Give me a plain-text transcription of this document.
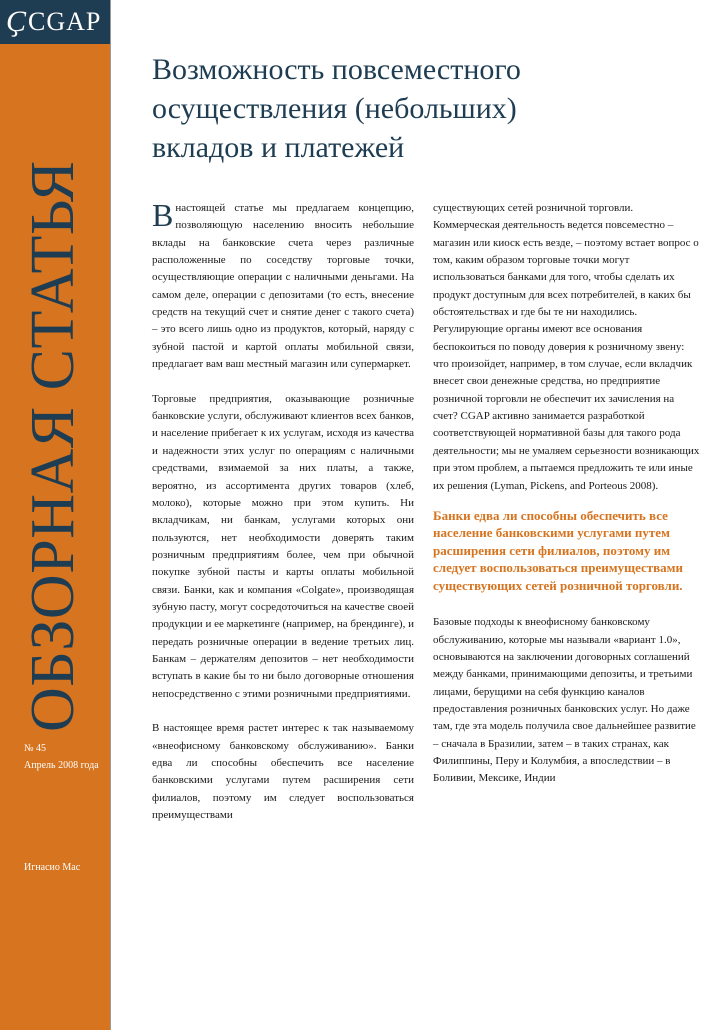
Ҫ CGAP
ОБЗОРНАЯ СТАТЬЯ
№ 45
Апрель 2008 года
Игнасио Мас
Возможность повсеместного
осуществления (небольших)
вкладов и платежей

Внастоящей статье мы предлагаем концепцию, позволяющую населению вносить небольшие вклады на банковские счета через различные расположенные по соседству торговые точки, осуществляющие операции с наличными деньгами. На самом деле, операции с депозитами (то есть, внесение средств на текущий счет и снятие денег с такого счета) – это всего лишь одно из продуктов, который, наряду с зубной пастой и картой оплаты мобильной связи, предлагает вам ваш местный магазин или супермаркет.

Торговые предприятия, оказывающие розничные банковские услуги, обслуживают клиентов всех банков, и население прибегает к их услугам, исходя из качества и надежности этих услуг по операциям с наличными средствами, взимаемой за них платы, а также, вероятно, из ассортимента других товаров (хлеб, молоко), которые можно при этом купить. Ни вкладчикам, ни банкам, услугами которых они пользуются, нет необходимости доверять таким розничным предприятиям более, чем при обычной покупке зубной пасты и карты оплаты мобильной связи. Банки, как и компания «Colgate», производящая зубную пасту, могут сосредоточиться на качестве своей продукции и ее маркетинге (например, на брендинге), и передать розничные операции в ведение третьих лиц. Банкам – держателям депозитов – нет необходимости вступать в какие бы то ни было договорные отношения непосредственно с этими розничными предприятиями.

В настоящее время растет интерес к так называемому «внеофисному банковскому обслуживанию». Банки едва ли способны обеспечить все население банковскими услугами путем расширения сети филиалов, поэтому им следует воспользоваться преимуществами

существующих сетей розничной торговли. Коммерческая деятельность ведется повсеместно – магазин или киоск есть везде, – поэтому встает вопрос о том, каким образом торговые точки могут использоваться банками для того, чтобы сделать их продукт доступным для всех потребителей, в каких бы обстоятельствах и где бы те ни находились. Регулирующие органы имеют все основания беспокоиться по поводу доверия к розничному звену: что произойдет, например, в том случае, если вкладчик внесет свои денежные средства, но предприятие розничной торговли не обеспечит их зачисления на счет? CGAP активно занимается разработкой соответствующей нормативной базы для такого рода деятельности; мы не умаляем серьезности возникающих при этом проблем, а пытаемся предложить те или иные их решения (Lyman, Pickens, and Porteous 2008).

Банки едва ли способны обеспечить все население банковскими услугами путем расширения сети филиалов, поэтому им следует воспользоваться преимуществами существующих сетей розничной торговли.

Базовые подходы к внеофисному банковскому обслуживанию, которые мы называли «вариант 1.0», основываются на заключении договорных соглашений между банками, принимающими депозиты, и третьими лицами, берущими на себя функцию каналов предоставления розничных банковских услуг. Но даже там, где эта модель получила свое дальнейшее развитие – сначала в Бразилии, затем – в таких странах, как Филиппины, Перу и Колумбия, а впоследствии – в Боливии, Мексике, Индии
